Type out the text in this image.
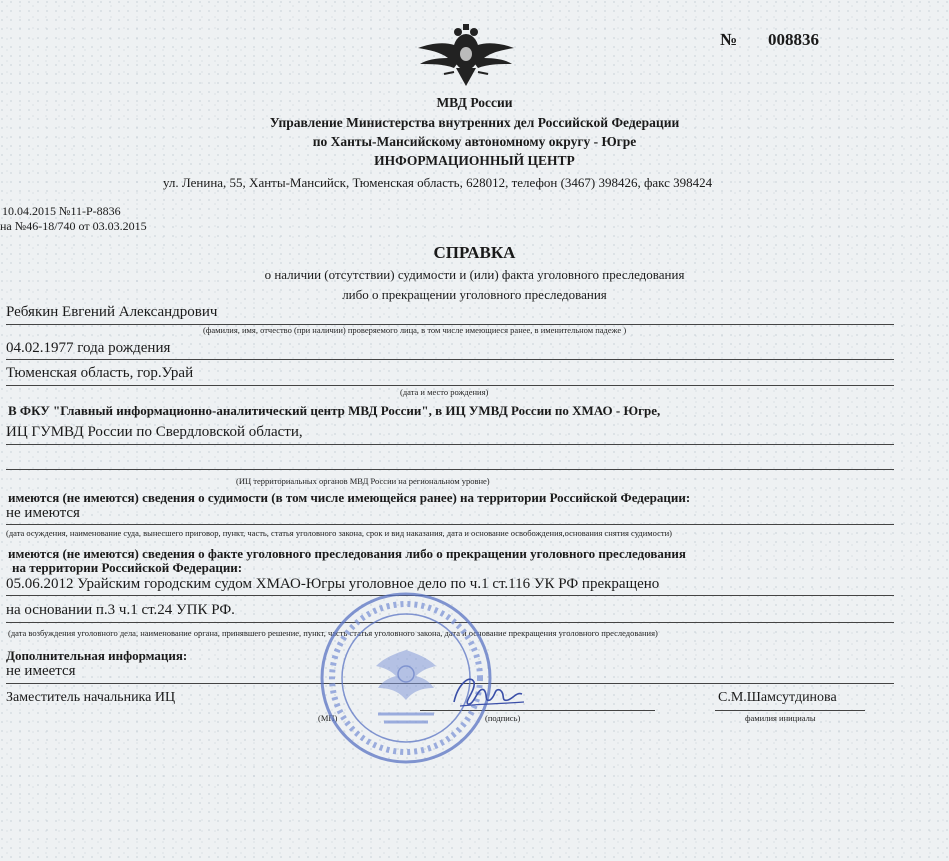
№ 008836
МВД России
Управление Министерства внутренних дел Российской Федерации
по Ханты-Мансийскому автономному округу - Югре
ИНФОРМАЦИОННЫЙ ЦЕНТР
ул. Ленина, 55, Ханты-Мансийск, Тюменская область, 628012, телефон (3467) 398426, факс 398424
10.04.2015 №11-Р-8836
на №46-18/740 от 03.03.2015
СПРАВКА
о наличии (отсутствии) судимости и (или) факта уголовного преследования
либо о прекращении уголовного преследования
Ребякин Евгений Александрович
(фамилия, имя, отчество (при наличии) проверяемого лица, в том числе имеющиеся ранее, в именительном падеже )
04.02.1977 года рождения
Тюменская область, гор.Урай
(дата и место рождения)
В ФКУ "Главный информационно-аналитический центр МВД России", в ИЦ УМВД России по ХМАО - Югре,
ИЦ ГУМВД России по Свердловской области,
(ИЦ территориальных органов МВД России на региональном уровне)
имеются (не имеются) сведения о судимости (в том числе имеющейся ранее) на территории Российской Федерации:
не имеются
(дата осуждения, наименование суда, вынесшего приговор, пункт, часть, статья уголовного закона, срок и вид наказания, дата и основание освобождения,основания снятия судимости)
имеются (не имеются) сведения о факте уголовного преследования либо о прекращении уголовного преследования
на территории Российской Федерации:
05.06.2012 Урайским городским судом ХМАО-Югры уголовное дело по ч.1 ст.116 УК РФ прекращено
на основании п.3 ч.1 ст.24 УПК РФ.
(дата возбуждения уголовного дела, наименование органа, принявшего решение, пункт, часть статья уголовного закона, дата и основание прекращения уголовного преследования)
Дополнительная информация:
не имеется
Заместитель начальника ИЦ	С.М.Шамсутдинова
(МП)	(подпись)	фамилия инициалы
